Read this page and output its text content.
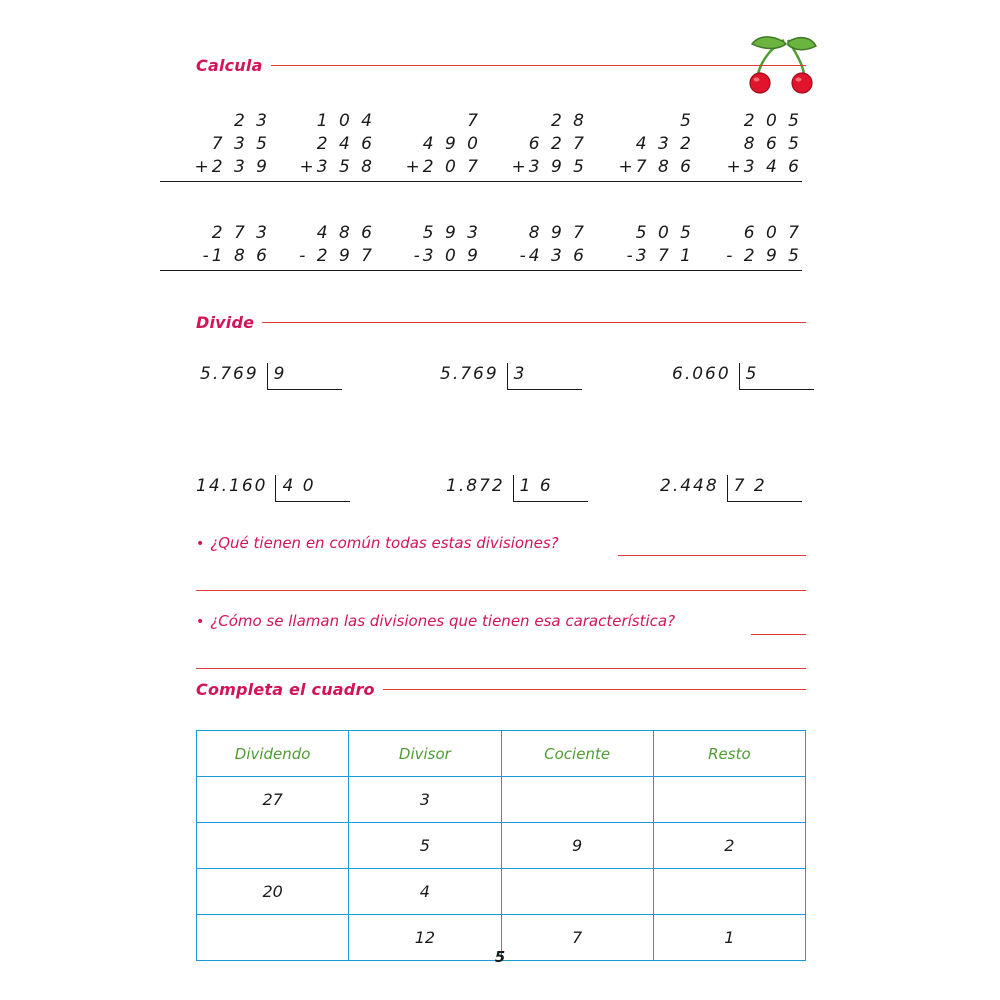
Calcula
2 3
7 3 5
+2 3 9
1 0 4
2 4 6
+3 5 8
7
4 9 0
+2 0 7
2 8
6 2 7
+3 9 5
5
4 3 2
+7 8 6
2 0 5
8 6 5
+3 4 6
2 7 3
-1 8 6
4 8 6
- 2 9 7
5 9 3
-3 0 9
8 9 7
-4 3 6
5 0 5
-3 7 1
6 0 7
- 2 9 5
Divide
5.769 9	5.769 3	6.060 5
14.160 4 0	1.872 1 6	2.448 7 2
• ¿Qué tienen en común todas estas divisiones?
• ¿Cómo se llaman las divisiones que tienen esa característica?
Completa el cuadro
Dividendo	Divisor	Cociente	Resto
27	3		
	5	9	2
20	4		
	12	7	1
5
